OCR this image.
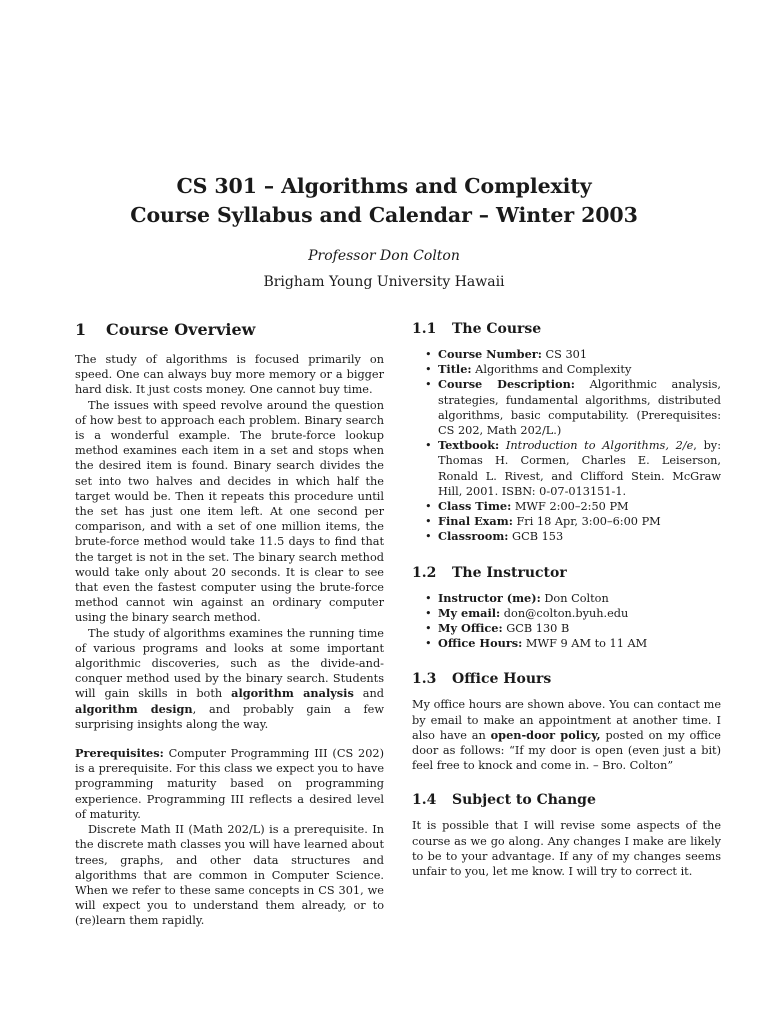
CS 301 – Algorithms and Complexity
Course Syllabus and Calendar – Winter 2003
Professor Don Colton
Brigham Young University Hawaii
1 Course Overview

The study of algorithms is focused primarily on speed. One can always buy more memory or a bigger hard disk. It just costs money. One cannot buy time.

The issues with speed revolve around the question of how best to approach each problem. Binary search is a wonderful example. The brute-force lookup method examines each item in a set and stops when the desired item is found. Binary search divides the set into two halves and decides in which half the target would be. Then it repeats this procedure until the set has just one item left. At one second per comparison, and with a set of one million items, the brute-force method would take 11.5 days to find that the target is not in the set. The binary search method would take only about 20 seconds. It is clear to see that even the fastest computer using the brute-force method cannot win against an ordinary computer using the binary search method.

The study of algorithms examines the running time of various programs and looks at some important algorithmic discoveries, such as the divide-and-conquer method used by the binary search. Students will gain skills in both algorithm analysis and algorithm design, and probably gain a few surprising insights along the way.

Prerequisites: Computer Programming III (CS 202) is a prerequisite. For this class we expect you to have programming maturity based on programming experience. Programming III reflects a desired level of maturity.

Discrete Math II (Math 202/L) is a prerequisite. In the discrete math classes you will have learned about trees, graphs, and other data structures and algorithms that are common in Computer Science. When we refer to these same concepts in CS 301, we will expect you to understand them already, or to (re)learn them rapidly.

1.1 The Course
• Course Number: CS 301
• Title: Algorithms and Complexity
• Course Description: Algorithmic analysis, strategies, fundamental algorithms, distributed algorithms, basic computability. (Prerequisites: CS 202, Math 202/L.)
• Textbook: Introduction to Algorithms, 2/e, by: Thomas H. Cormen, Charles E. Leiserson, Ronald L. Rivest, and Clifford Stein. McGraw Hill, 2001. ISBN: 0-07-013151-1.
• Class Time: MWF 2:00–2:50 PM
• Final Exam: Fri 18 Apr, 3:00–6:00 PM
• Classroom: GCB 153
1.2 The Instructor
• Instructor (me): Don Colton
• My email: don@colton.byuh.edu
• My Office: GCB 130 B
• Office Hours: MWF 9 AM to 11 AM
1.3 Office Hours

My office hours are shown above. You can contact me by email to make an appointment at another time. I also have an open-door policy, posted on my office door as follows: “If my door is open (even just a bit) feel free to knock and come in. – Bro. Colton”

1.4 Subject to Change

It is possible that I will revise some aspects of the course as we go along. Any changes I make are likely to be to your advantage. If any of my changes seems unfair to you, let me know. I will try to correct it.
